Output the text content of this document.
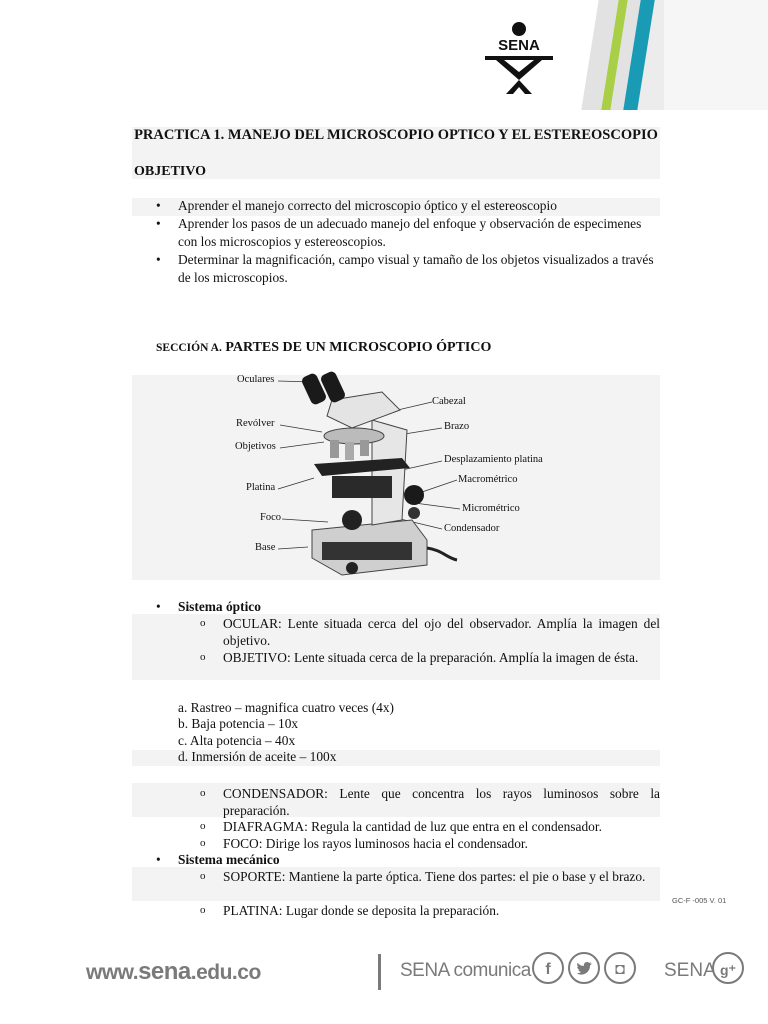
SENA
PRACTICA 1. MANEJO DEL MICROSCOPIO OPTICO Y EL ESTEREOSCOPIO
OBJETIVO
• Aprender el manejo correcto del microscopio óptico y el estereoscopio
• Aprender los pasos de un adecuado manejo del enfoque y observación de especimenes con los microscopios y estereoscopios.
• Determinar la magnificación, campo visual y tamaño de los objetos visualizados a través de los microscopios.
SECCIÓN A. PARTES DE UN MICROSCOPIO ÓPTICO
Oculares
Revólver
Objetivos
Platina
Foco
Base
Cabezal
Brazo
Desplazamiento platina
Macrométrico
Micrométrico
Condensador
•	Sistema óptico
o	OCULAR: Lente situada cerca del ojo del observador. Amplía la imagen del objetivo.
o	OBJETIVO: Lente situada cerca de la preparación. Amplía la imagen de ésta.
a. Rastreo – magnifica cuatro veces (4x)
b. Baja potencia – 10x
c. Alta potencia – 40x
d. Inmersión de aceite – 100x
o	CONDENSADOR: Lente que concentra los rayos luminosos sobre la preparación.
o	DIAFRAGMA: Regula la cantidad de luz que entra en el condensador.
o	FOCO: Dirige los rayos luminosos hacia el condensador.
•	Sistema mecánico
o	SOPORTE: Mantiene la parte óptica. Tiene dos partes: el pie o base y el brazo.
o	PLATINA: Lugar donde se deposita la preparación.
GC-F -005 V. 01
www.sena.edu.co	SENA comunica f	◘	SENA g⁺
